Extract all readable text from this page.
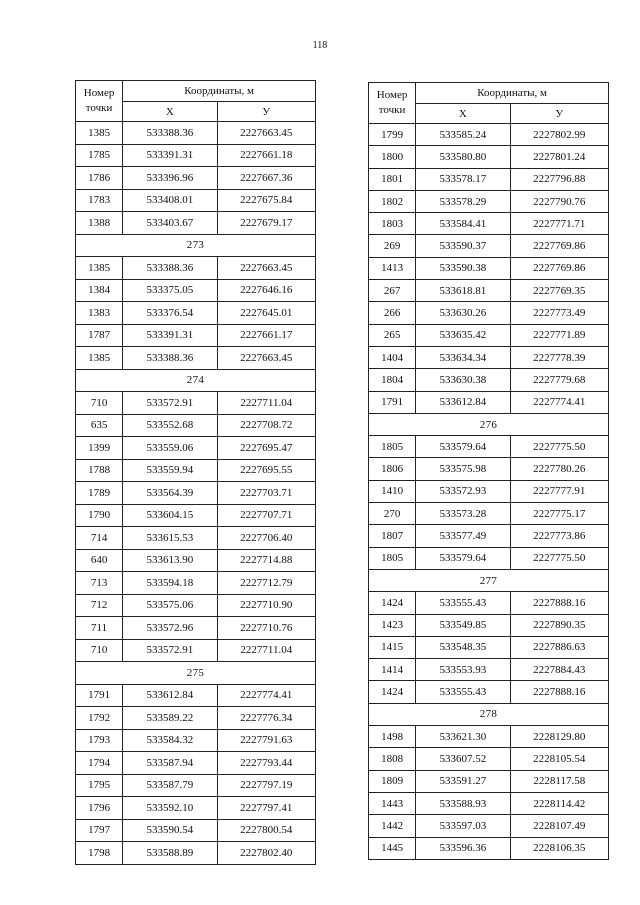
118
Номер точки	Координаты, м	
	X	У
1385	533388.36	2227663.45
1785	533391.31	2227661.18
1786	533396.96	2227667.36
1783	533408.01	2227675.84
1388	533403.67	2227679.17
273		
1385	533388.36	2227663.45
1384	533375.05	2227646.16
1383	533376.54	2227645.01
1787	533391.31	2227661.17
1385	533388.36	2227663.45
274		
710	533572.91	2227711.04
635	533552.68	2227708.72
1399	533559.06	2227695.47
1788	533559.94	2227695.55
1789	533564.39	2227703.71
1790	533604.15	2227707.71
714	533615.53	2227706.40
640	533613.90	2227714.88
713	533594.18	2227712.79
712	533575.06	2227710.90
711	533572.96	2227710.76
710	533572.91	2227711.04
275		
1791	533612.84	2227774.41
1792	533589.22	2227776.34
1793	533584.32	2227791.63
1794	533587.94	2227793.44
1795	533587.79	2227797.19
1796	533592.10	2227797.41
1797	533590.54	2227800.54
1798	533588.89	2227802.40
Номер точки	Координаты, м	
	X	У
1799	533585.24	2227802.99
1800	533580.80	2227801.24
1801	533578.17	2227796.88
1802	533578.29	2227790.76
1803	533584.41	2227771.71
269	533590.37	2227769.86
1413	533590.38	2227769.86
267	533618.81	2227769.35
266	533630.26	2227773.49
265	533635.42	2227771.89
1404	533634.34	2227778.39
1804	533630.38	2227779.68
1791	533612.84	2227774.41
276		
1805	533579.64	2227775.50
1806	533575.98	2227780.26
1410	533572.93	2227777.91
270	533573.28	2227775.17
1807	533577.49	2227773.86
1805	533579.64	2227775.50
277		
1424	533555.43	2227888.16
1423	533549.85	2227890.35
1415	533548.35	2227886.63
1414	533553.93	2227884.43
1424	533555.43	2227888.16
278		
1498	533621.30	2228129.80
1808	533607.52	2228105.54
1809	533591.27	2228117.58
1443	533588.93	2228114.42
1442	533597.03	2228107.49
1445	533596.36	2228106.35
